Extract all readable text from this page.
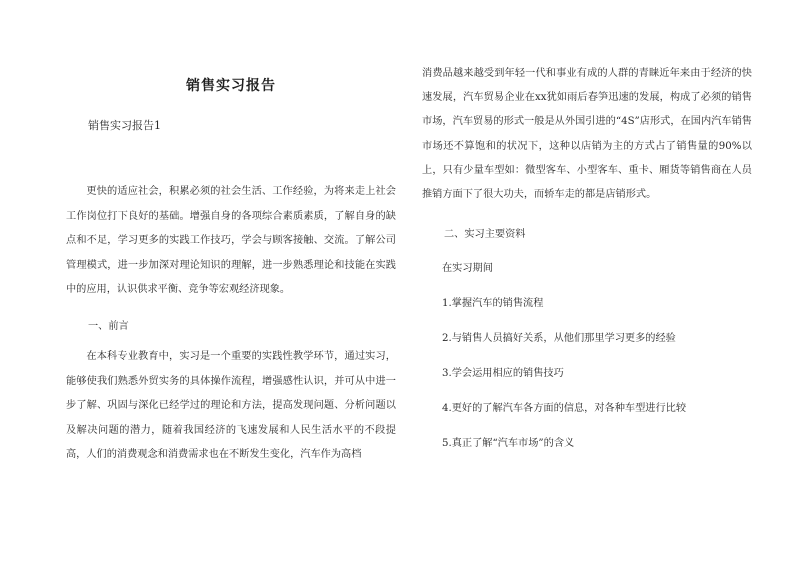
销售实习报告
销售实习报告1

更快的适应社会，积累必须的社会生活、工作经验，为将来走上社会工作岗位打下良好的基础。增强自身的各项综合素质素质，了解自身的缺点和不足，学习更多的实践工作技巧，学会与顾客接触、交流。了解公司管理模式，进一步加深对理论知识的理解，进一步熟悉理论和技能在实践中的应用，认识供求平衡、竞争等宏观经济现象。

一、前言

在本科专业教育中，实习是一个重要的实践性教学环节，通过实习，能够使我们熟悉外贸实务的具体操作流程，增强感性认识，并可从中进一步了解、巩固与深化已经学过的理论和方法，提高发现问题、分析问题以及解决问题的潜力，随着我国经济的飞速发展和人民生活水平的不段提高，人们的消费观念和消费需求也在不断发生变化，汽车作为高档

消费品越来越受到年轻一代和事业有成的人群的青睐近年来由于经济的快速发展，汽车贸易企业在xx犹如雨后春笋迅速的发展，构成了必须的销售市场，汽车贸易的形式一般是从外国引进的“4S”店形式，在国内汽车销售市场还不算饱和的状况下，这种以店销为主的方式占了销售量的90%以上，只有少量车型如：微型客车、小型客车、重卡、厢货等销售商在人员推销方面下了很大功夫，而轿车走的都是店销形式。

二、实习主要资料
在实习期间
1.掌握汽车的销售流程
2.与销售人员搞好关系，从他们那里学习更多的经验
3.学会运用相应的销售技巧
4.更好的了解汽车各方面的信息，对各种车型进行比较
5.真正了解“汽车市场”的含义
